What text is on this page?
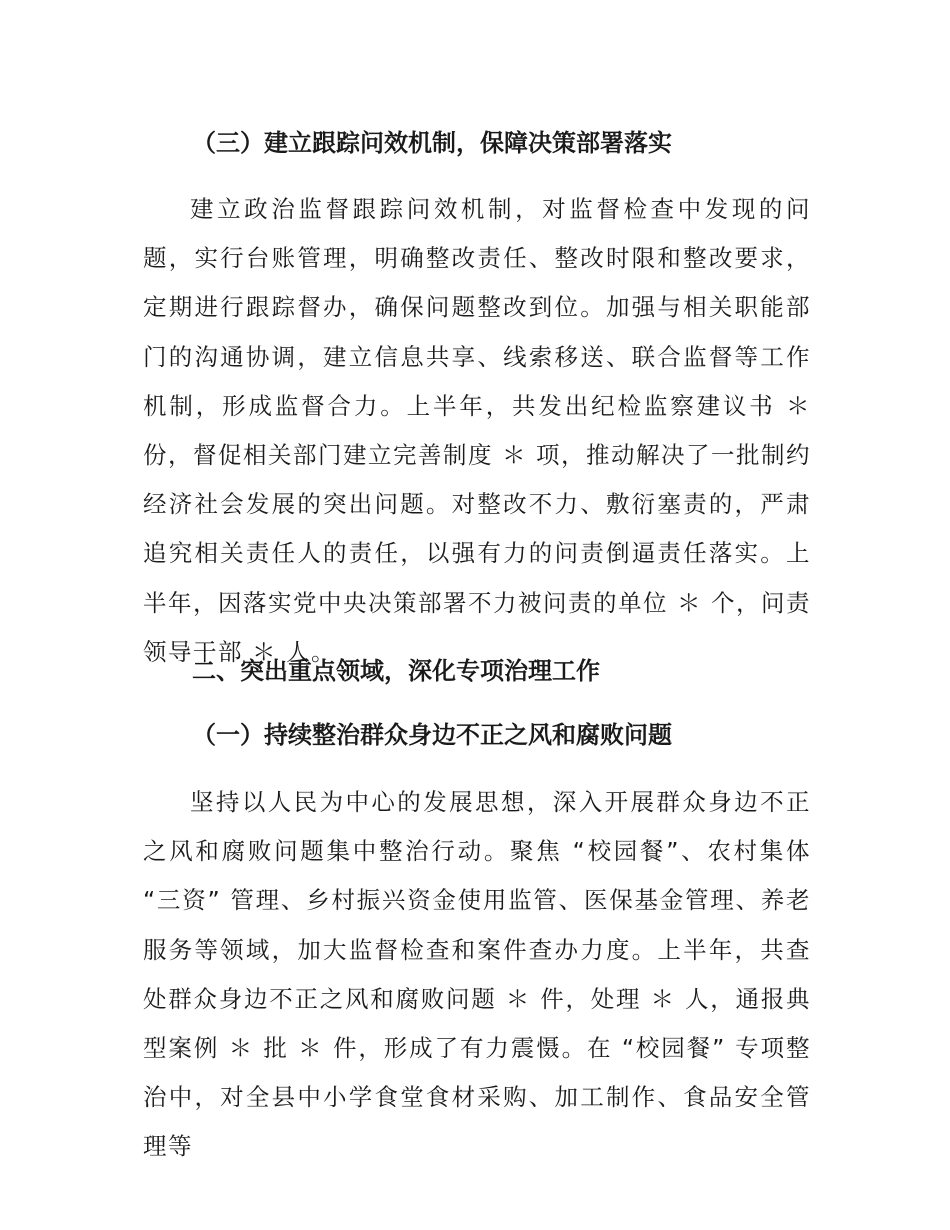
（三）建立跟踪问效机制，保障决策部署落实

建立政治监督跟踪问效机制，对监督检查中发现的问题，实行台账管理，明确整改责任、整改时限和整改要求，定期进行跟踪督办，确保问题整改到位。加强与相关职能部门的沟通协调，建立信息共享、线索移送、联合监督等工作机制，形成监督合力。上半年，共发出纪检监察建议书 ＊ 份，督促相关部门建立完善制度 ＊ 项，推动解决了一批制约经济社会发展的突出问题。对整改不力、敷衍塞责的，严肃追究相关责任人的责任，以强有力的问责倒逼责任落实。上半年，因落实党中央决策部署不力被问责的单位 ＊ 个，问责领导干部 ＊ 人。

二、突出重点领域，深化专项治理工作
（一）持续整治群众身边不正之风和腐败问题

坚持以人民为中心的发展思想，深入开展群众身边不正之风和腐败问题集中整治行动。聚焦 “校园餐”、农村集体 “三资” 管理、乡村振兴资金使用监管、医保基金管理、养老服务等领域，加大监督检查和案件查办力度。上半年，共查处群众身边不正之风和腐败问题 ＊ 件，处理 ＊ 人，通报典型案例 ＊ 批 ＊ 件，形成了有力震慑。在 “校园餐” 专项整治中，对全县中小学食堂食材采购、加工制作、食品安全管理等
